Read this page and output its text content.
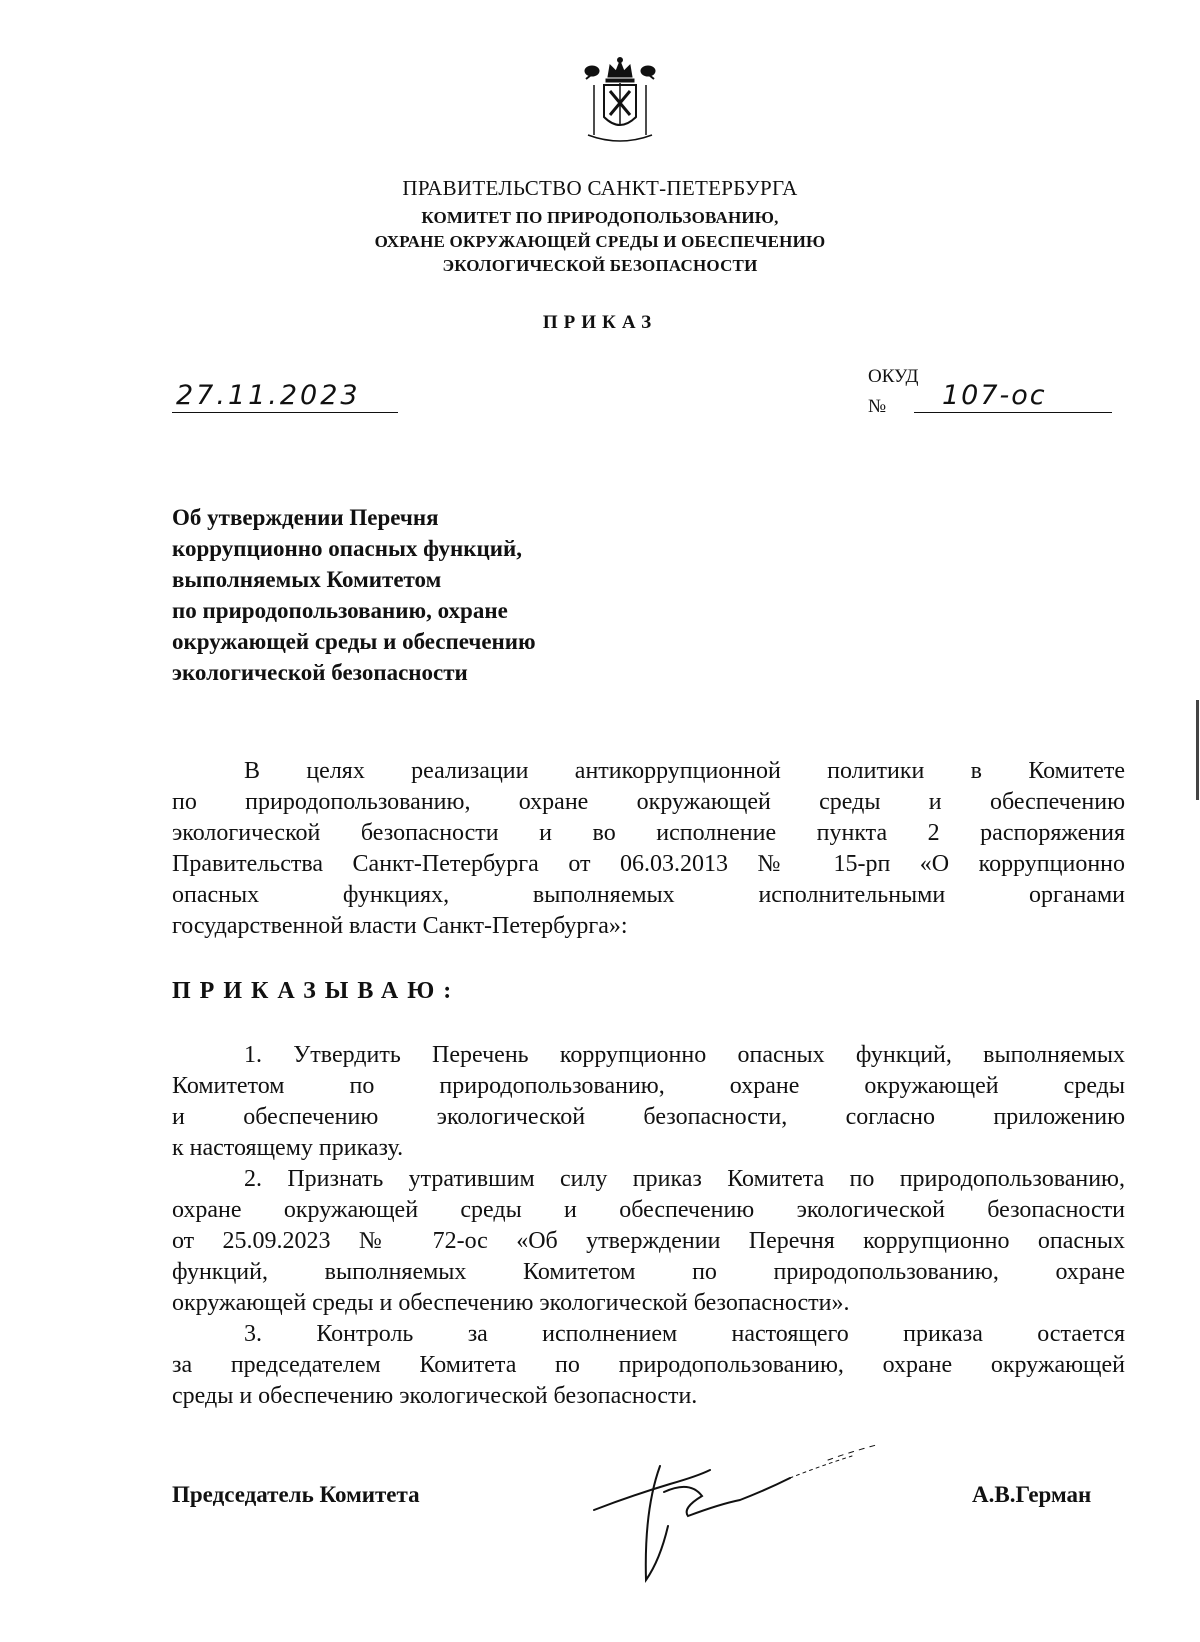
ПРАВИТЕЛЬСТВО САНКТ-ПЕТЕРБУРГА
КОМИТЕТ ПО ПРИРОДОПОЛЬЗОВАНИЮ,
ОХРАНЕ ОКРУЖАЮЩЕЙ СРЕДЫ И ОБЕСПЕЧЕНИЮ
ЭКОЛОГИЧЕСКОЙ БЕЗОПАСНОСТИ
ПРИКАЗ
27.11.2023
ОКУД
№	107-ос
Об утверждении Перечня
коррупционно опасных функций,
выполняемых Комитетом
по природопользованию, охране
окружающей среды и обеспечению
экологической безопасности
В целях реализации антикоррупционной политики в Комитете
по природопользованию, охране окружающей среды и обеспечению
экологической безопасности и во исполнение пункта 2 распоряжения
Правительства Санкт-Петербурга от 06.03.2013 № 15-рп «О коррупционно
опасных функциях, выполняемых исполнительными органами
государственной власти Санкт-Петербурга»:
ПРИКАЗЫВАЮ:
1. Утвердить Перечень коррупционно опасных функций, выполняемых
Комитетом по природопользованию, охране окружающей среды
и обеспечению экологической безопасности, согласно приложению
к настоящему приказу.
2. Признать утратившим силу приказ Комитета по природопользованию,
охране окружающей среды и обеспечению экологической безопасности
от 25.09.2023 № 72-ос «Об утверждении Перечня коррупционно опасных
функций, выполняемых Комитетом по природопользованию, охране
окружающей среды и обеспечению экологической безопасности».
3. Контроль за исполнением настоящего приказа остается
за председателем Комитета по природопользованию, охране окружающей
среды и обеспечению экологической безопасности.
Председатель Комитета	А.В.Герман
